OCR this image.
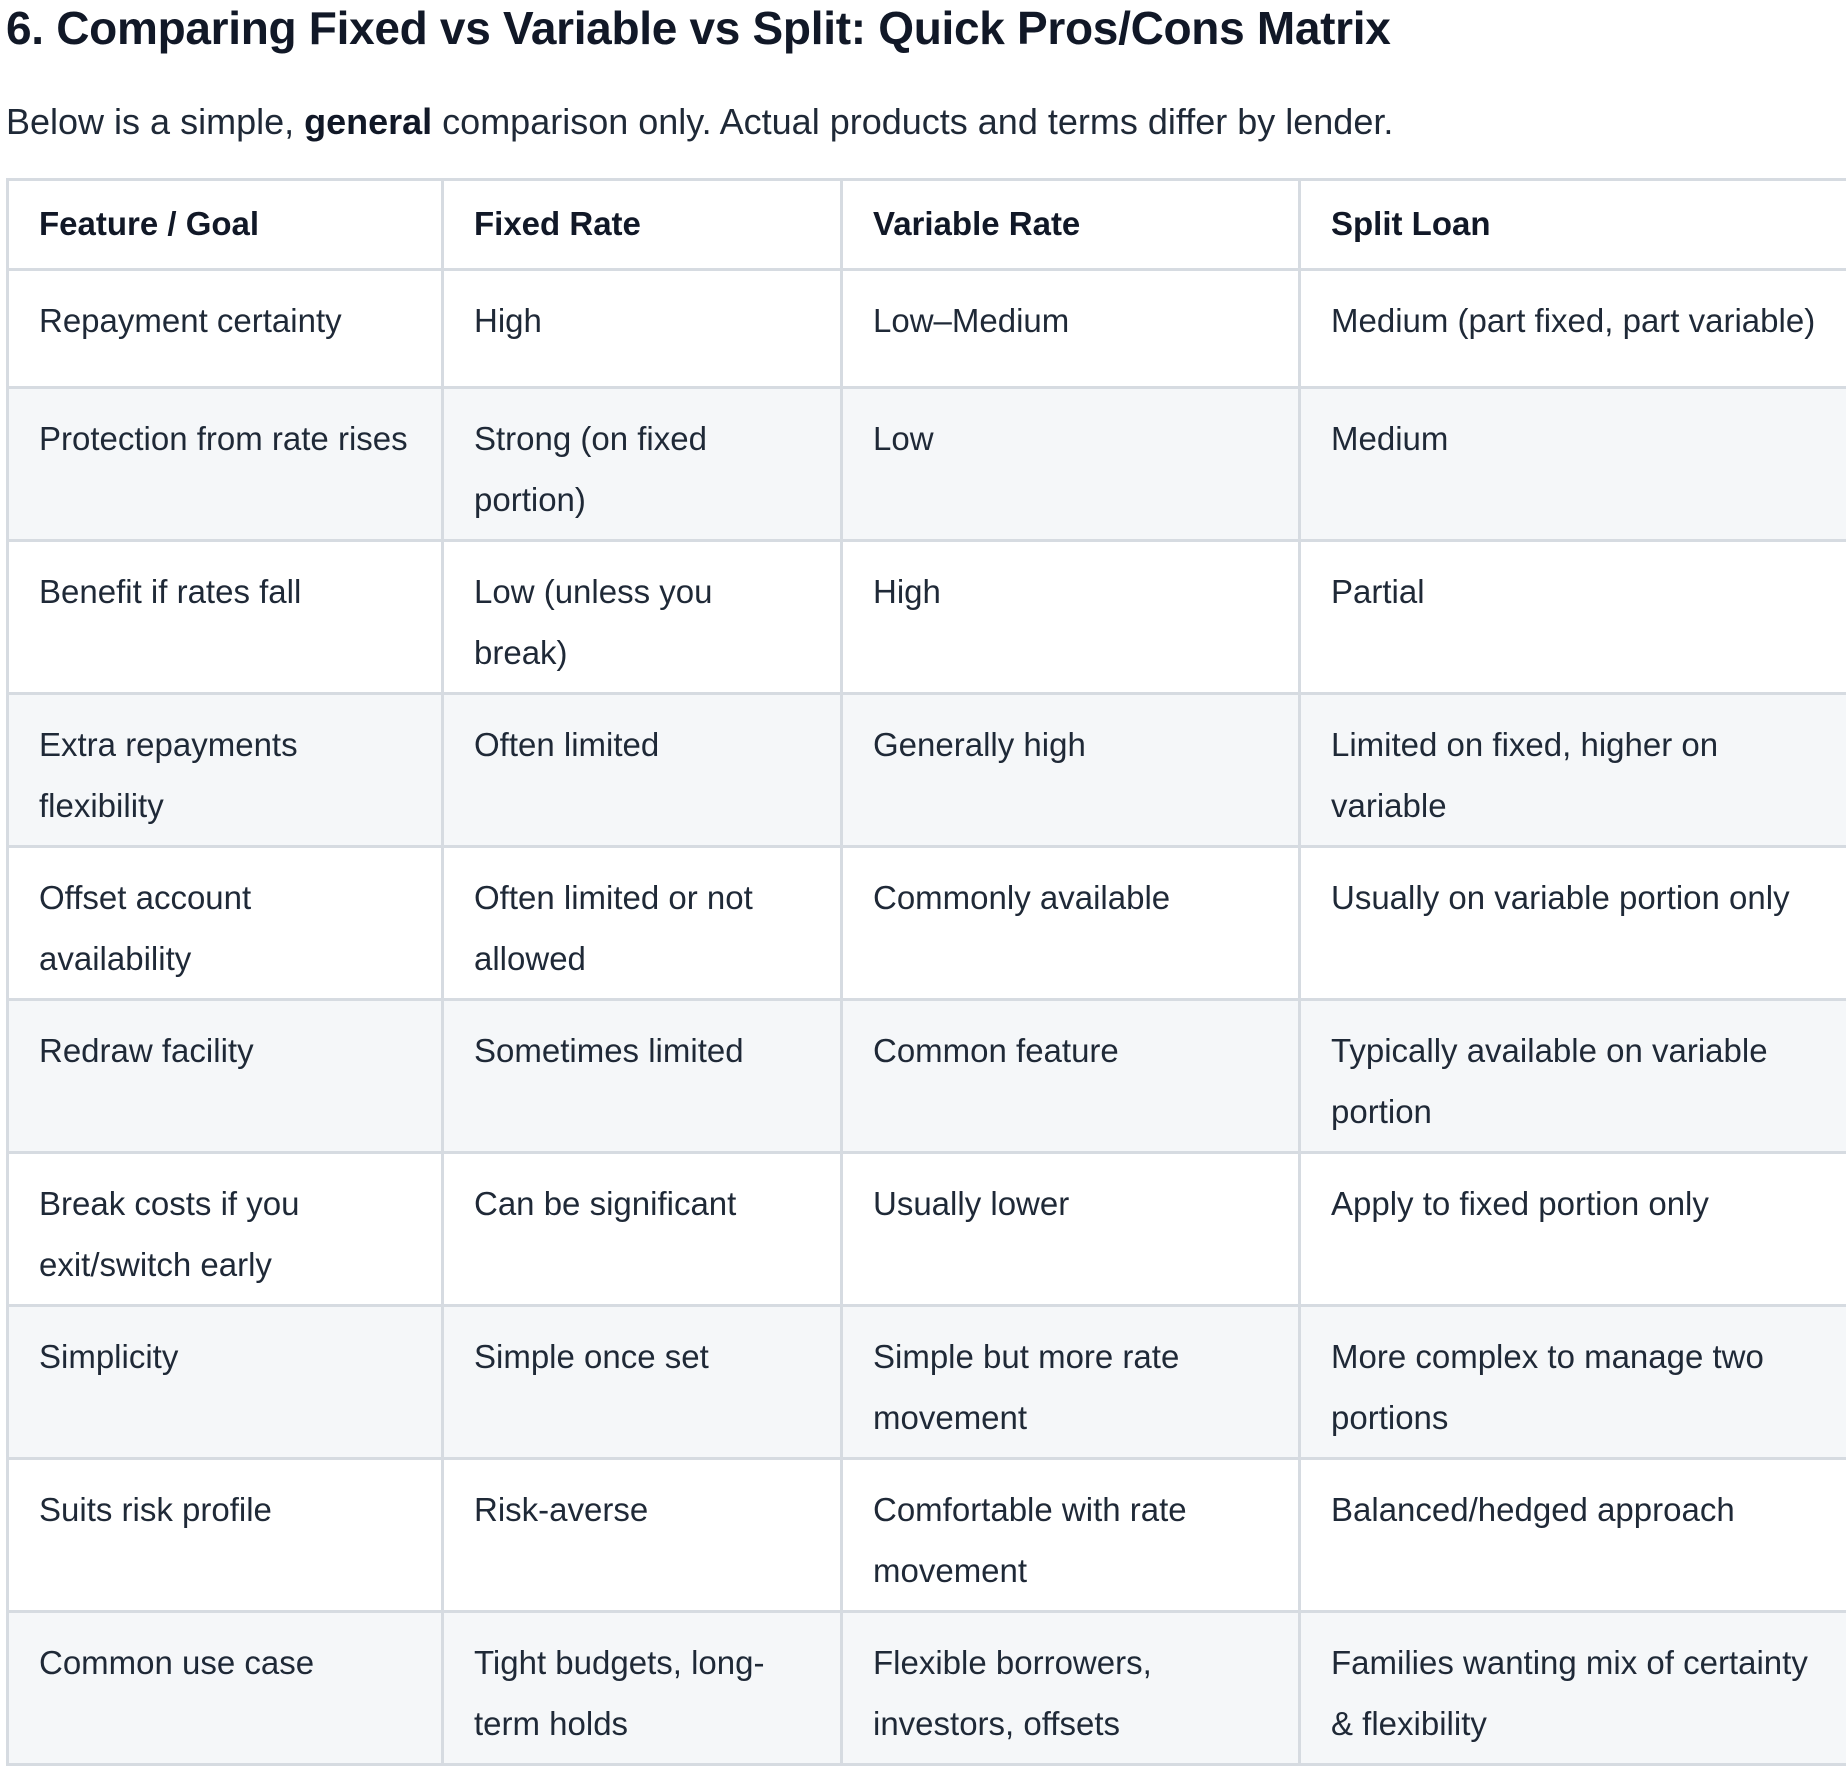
6. Comparing Fixed vs Variable vs Split: Quick Pros/Cons Matrix

Below is a simple, general comparison only. Actual products and terms differ by lender.

Feature / Goal	Fixed Rate	Variable Rate	Split Loan
Repayment certainty	High	Low–Medium	Medium (part fixed, part variable)
Protection from rate rises	Strong (on fixed portion)	Low	Medium
Benefit if rates fall	Low (unless you break)	High	Partial
Extra repayments flexibility	Often limited	Generally high	Limited on fixed, higher on variable
Offset account availability	Often limited or not allowed	Commonly available	Usually on variable portion only
Redraw facility	Sometimes limited	Common feature	Typically available on variable portion
Break costs if you exit/switch early	Can be significant	Usually lower	Apply to fixed portion only
Simplicity	Simple once set	Simple but more rate movement	More complex to manage two portions
Suits risk profile	Risk-averse	Comfortable with rate movement	Balanced/hedged approach
Common use case	Tight budgets, long-term holds	Flexible borrowers, investors, offsets	Families wanting mix of certainty & flexibility
